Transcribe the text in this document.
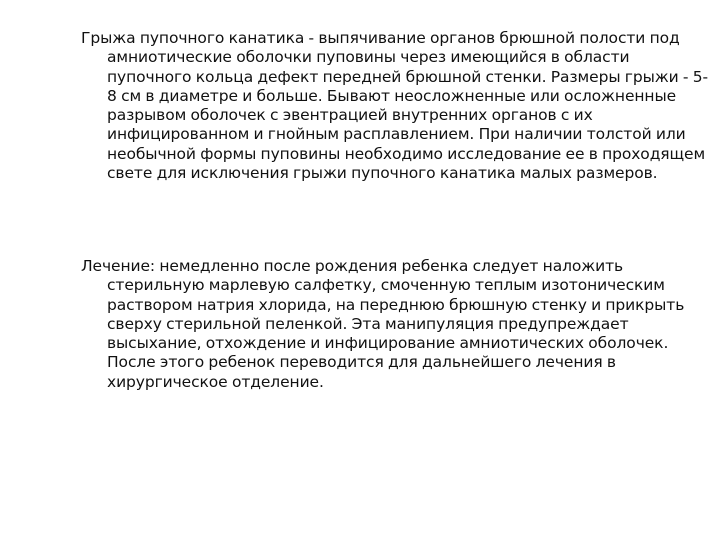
Грыжа пупочного канатика - выпячивание органов брюшной полости под амниотические оболочки пуповины через имеющийся в области пупочного кольца дефект передней брюшной стенки. Размеры грыжи - 5-8 см в диаметре и больше. Бывают неосложненные или осложненные разрывом оболочек с эвентрацией внутренних органов с их инфицированном и гнойным расплавлением. При наличии толстой или необычной формы пуповины необходимо исследование ее в проходящем свете для исключения грыжи пупочного канатика малых размеров.

Лечение: немедленно после рождения ребенка следует наложить стерильную марлевую салфетку, смоченную теплым изотоническим раствором натрия хлорида, на переднюю брюшную стенку и прикрыть сверху стерильной пеленкой. Эта манипуляция предупреждает высыхание, отхождение и инфицирование амниотических оболочек. После этого ребенок переводится для дальнейшего лечения в хирургическое отделение.
